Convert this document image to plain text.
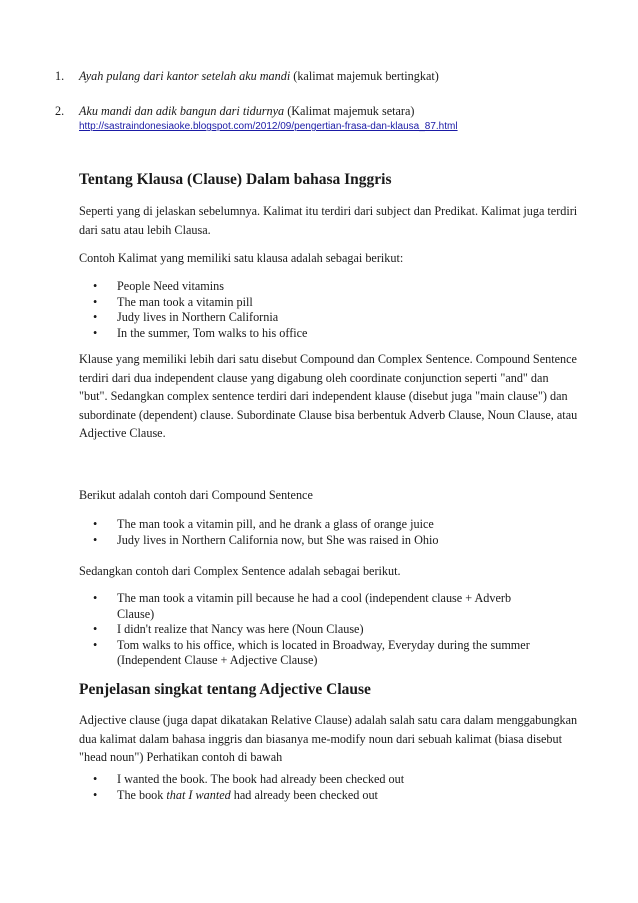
1.	Ayah pulang dari kantor setelah aku mandi (kalimat majemuk bertingkat)
2.	Aku mandi dan adik bangun dari tidurnya (Kalimat majemuk setara)
http://sastraindonesiaoke.blogspot.com/2012/09/pengertian-frasa-dan-klausa_87.html
Tentang Klausa (Clause) Dalam bahasa Inggris

Seperti yang di jelaskan sebelumnya. Kalimat itu terdiri dari subject dan Predikat. Kalimat juga terdiri dari satu atau lebih Clausa.

Contoh Kalimat yang memiliki satu klausa adalah sebagai berikut:

• People Need vitamins
• The man took a vitamin pill
• Judy lives in Northern California
• In the summer, Tom walks to his office

Klause yang memiliki lebih dari satu disebut Compound dan Complex Sentence. Compound Sentence terdiri dari dua independent clause yang digabung oleh coordinate conjunction seperti "and" dan "but". Sedangkan complex sentence terdiri dari independent klause (disebut juga "main clause") dan subordinate (dependent) clause. Subordinate Clause bisa berbentuk Adverb Clause, Noun Clause, atau Adjective Clause.

Berikut adalah contoh dari Compound Sentence

• The man took a vitamin pill, and he drank a glass of orange juice
• Judy lives in Northern California now, but She was raised in Ohio

Sedangkan contoh dari Complex Sentence adalah sebagai berikut.

• The man took a vitamin pill because he had a cool (independent clause + Adverb Clause)
• I didn't realize that Nancy was here (Noun Clause)
• Tom walks to his office, which is located in Broadway, Everyday during the summer (Independent Clause + Adjective Clause)
Penjelasan singkat tentang Adjective Clause

Adjective clause (juga dapat dikatakan Relative Clause) adalah salah satu cara dalam menggabungkan dua kalimat dalam bahasa inggris dan biasanya me-modify noun dari sebuah kalimat (biasa disebut "head noun") Perhatikan contoh di bawah

• I wanted the book. The book had already been checked out
• The book that I wanted had already been checked out
